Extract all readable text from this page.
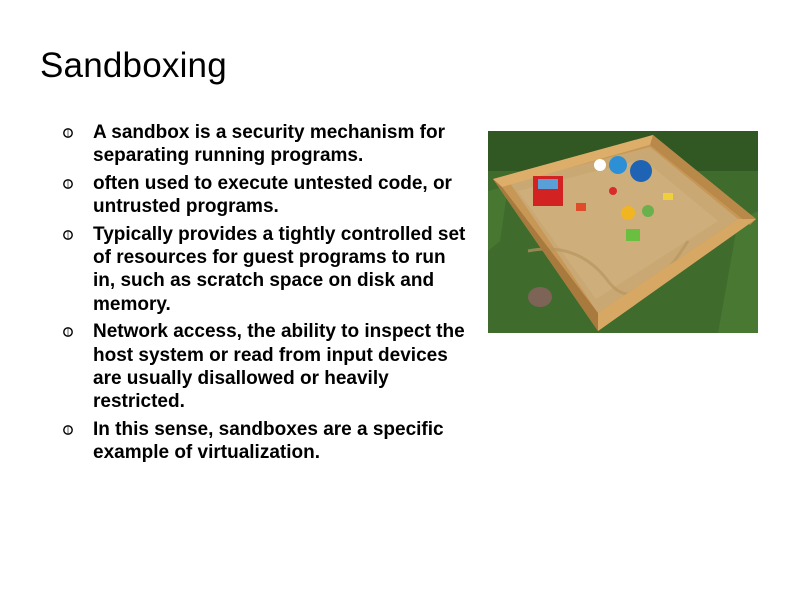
Sandboxing
A sandbox is a security mechanism for separating running programs.
often used to execute untested code, or untrusted programs.
Typically provides a tightly controlled set of resources for guest programs to run in, such as scratch space on disk and memory.
Network access, the ability to inspect the host system or read from input devices are usually disallowed or heavily restricted.
In this sense, sandboxes are a specific example of virtualization.
